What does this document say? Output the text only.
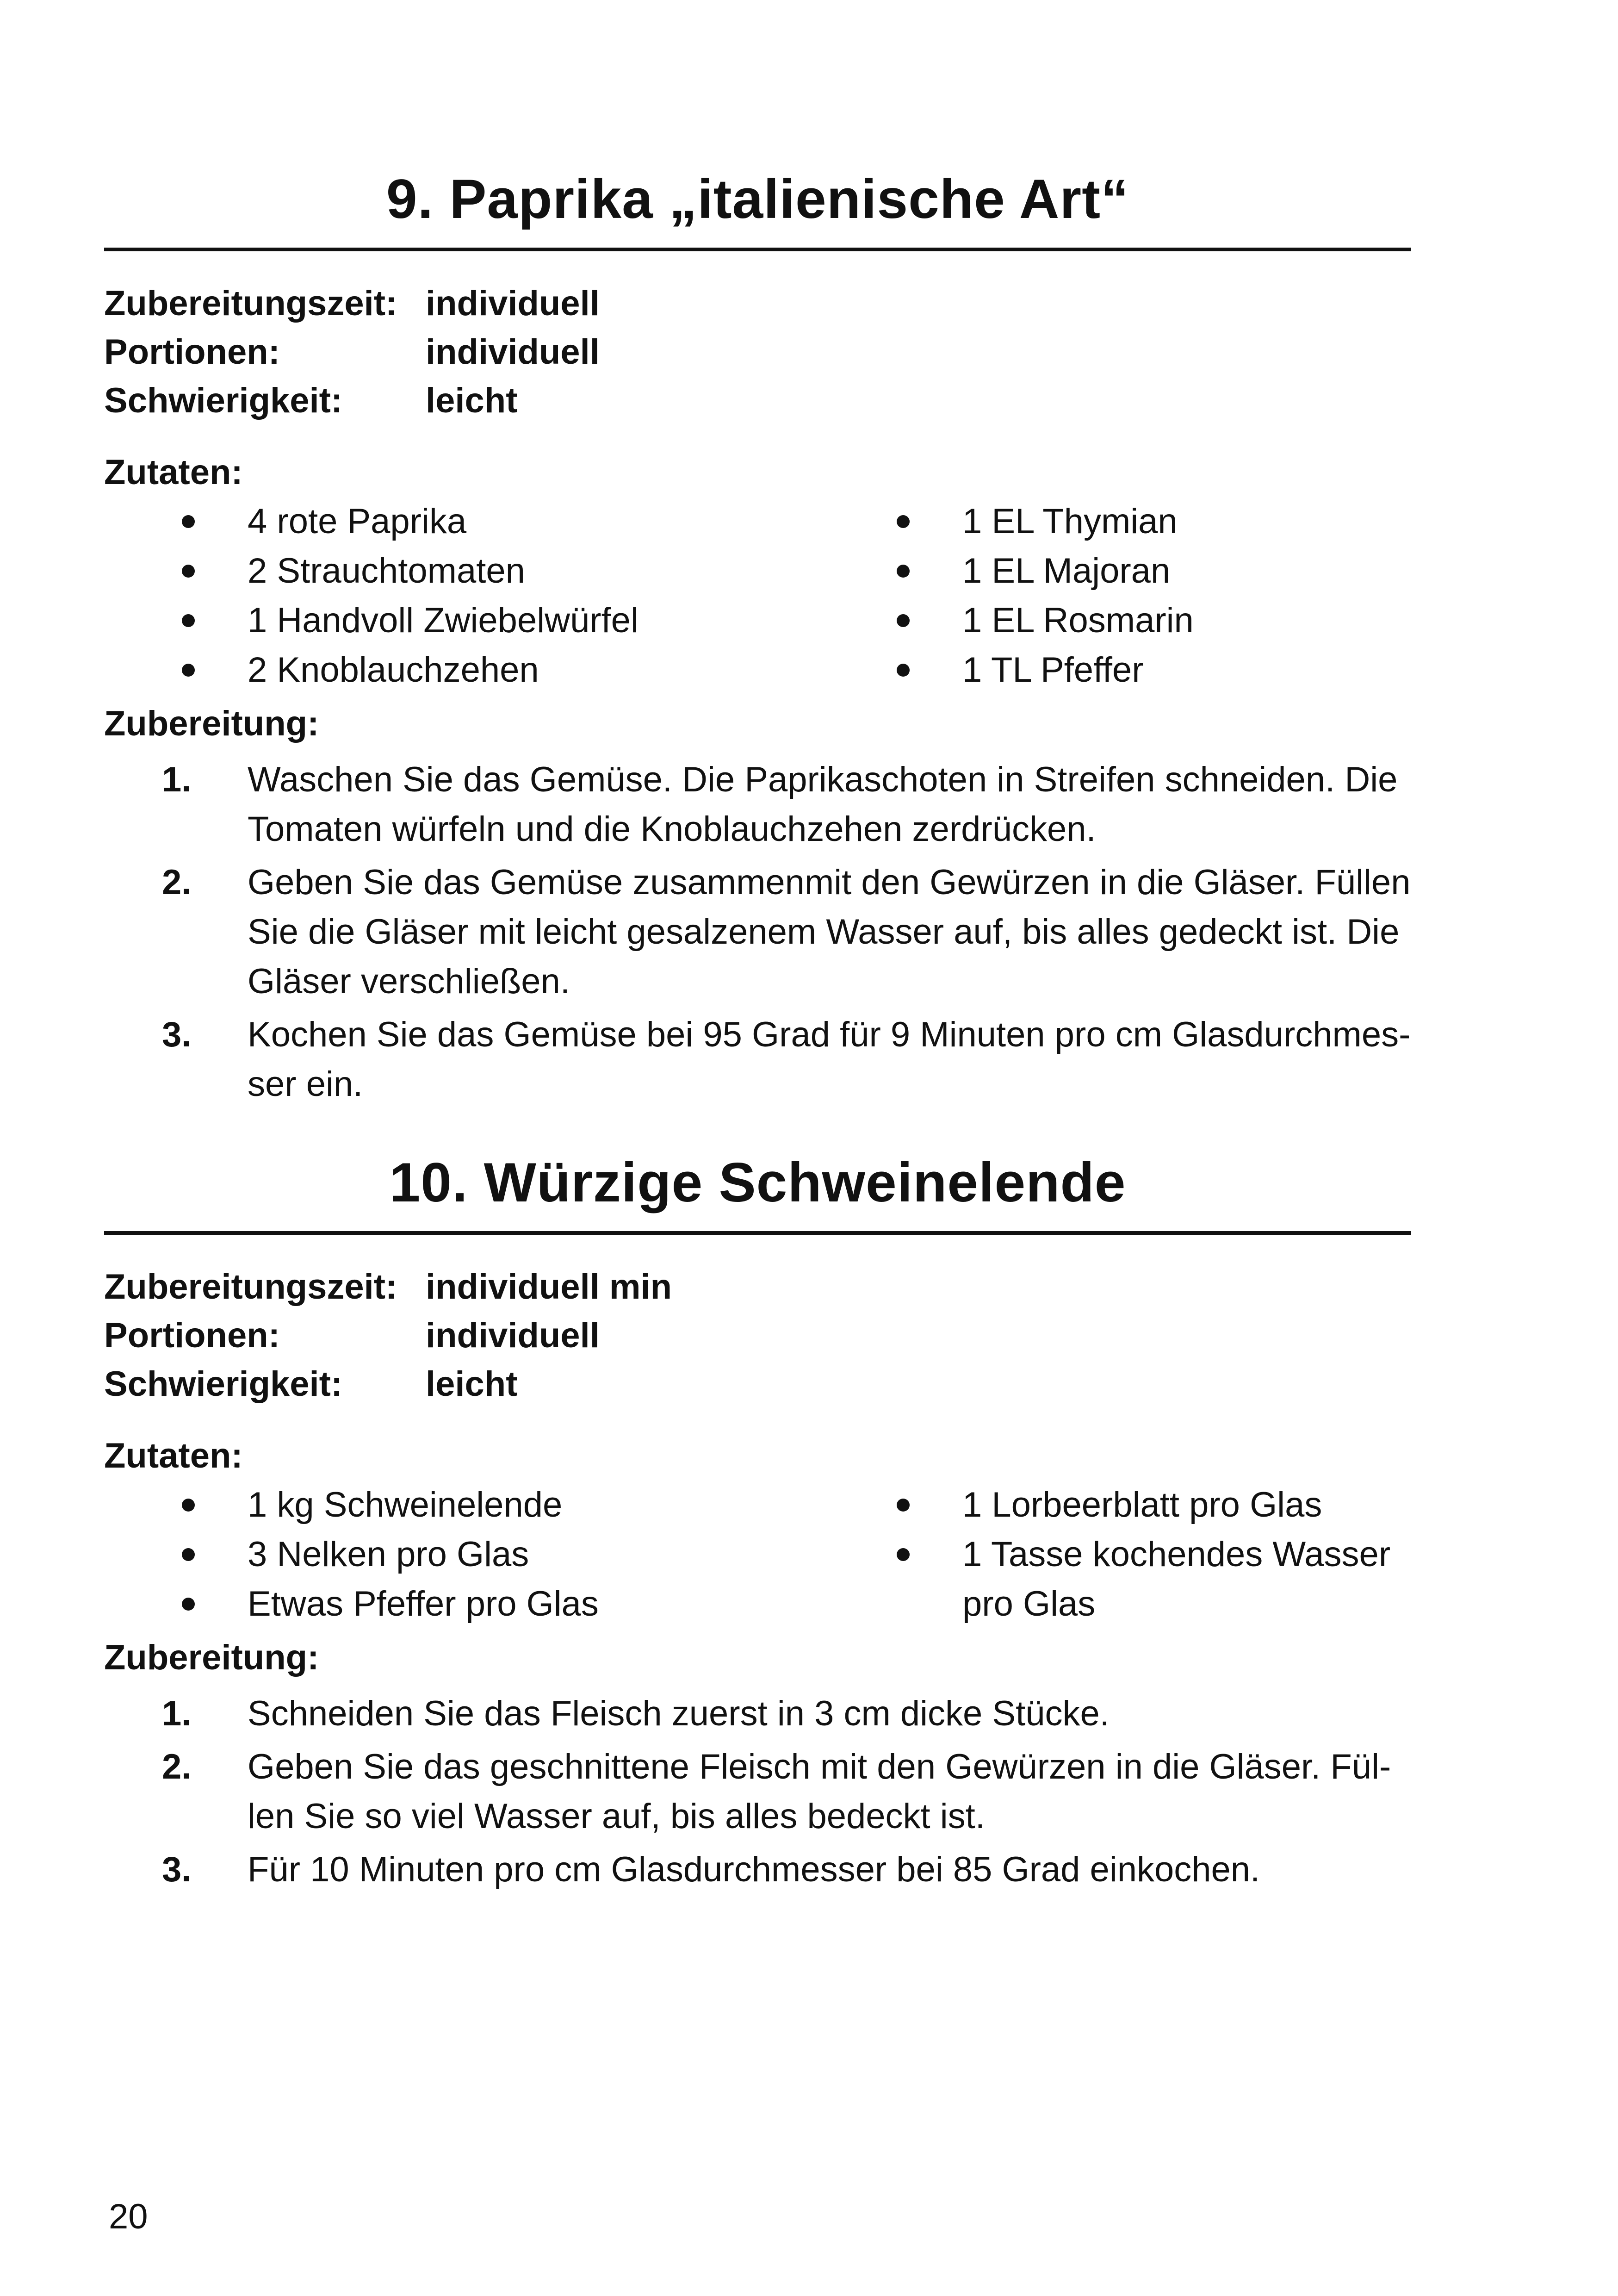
9. Paprika „italienische Art“
Zubereitungszeit: individuell
Portionen:	individuell
Schwierigkeit:	leicht
Zutaten:
4 rote Paprika
2 Strauchtomaten
1 Handvoll Zwiebelwürfel
2 Knoblauchzehen
1 EL Thymian
1 EL Majoran
1 EL Rosmarin
1 TL Pfeffer
Zubereitung:
1.	Waschen Sie das Gemüse. Die Paprikaschoten in Streifen schneiden. Die Tomaten würfeln und die Knoblauchzehen zerdrücken.
2.	Geben Sie das Gemüse zusammenmit den Gewürzen in die Gläser. Füllen Sie die Gläser mit leicht gesalzenem Wasser auf, bis alles gedeckt ist. Die Gläser verschließen.
3.	Kochen Sie das Gemüse bei 95 Grad für 9 Minuten pro cm Glasdurchmes-ser ein.
10. Würzige Schweinelende
Zubereitungszeit: individuell min
Portionen:	individuell
Schwierigkeit:	leicht
Zutaten:
1 kg Schweinelende
3 Nelken pro Glas
Etwas Pfeffer pro Glas
1 Lorbeerblatt pro Glas
1 Tasse kochendes Wasser pro Glas
Zubereitung:
1.	Schneiden Sie das Fleisch zuerst in 3 cm dicke Stücke.
2.	Geben Sie das geschnittene Fleisch mit den Gewürzen in die Gläser. Fül-len Sie so viel Wasser auf, bis alles bedeckt ist.
3.	Für 10 Minuten pro cm Glasdurchmesser bei 85 Grad einkochen.
20
